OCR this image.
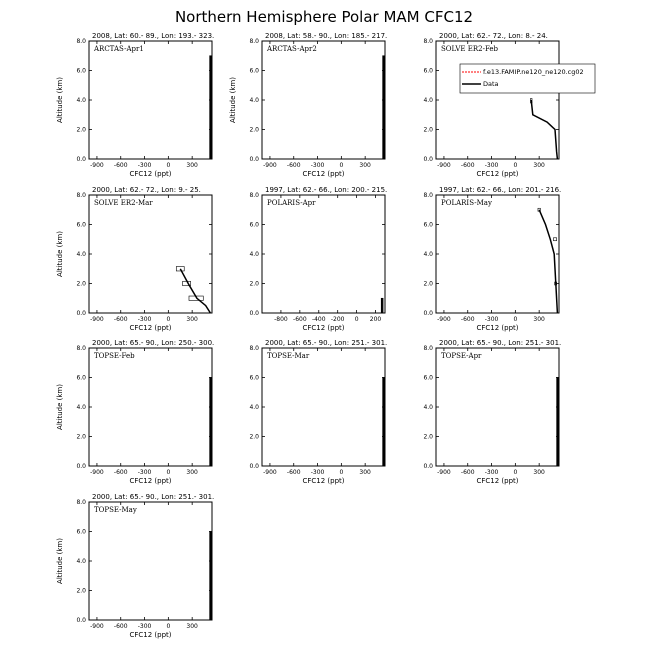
Northern Hemisphere Polar MAM CFC12
2008, Lat: 60.- 89., Lon: 193.- 323.
ARCTAS-Apr1
0.0
2.0
4.0
6.0
8.0
-900 -600 -300	0	300
CFC12 (ppt)
Altitude (km)
2008, Lat: 58.- 90., Lon: 185.- 217.
ARCTAS-Apr2
0.0
2.0
4.0
6.0
8.0
-900 -600 -300	0	300
CFC12 (ppt)
Altitude (km)
2000, Lat: 62.- 72., Lon: 8.- 24.
SOLVE ER2-Feb
0.0
2.0
4.0
6.0
8.0
-900 -600 -300	0	300
CFC12 (ppt)
f.e13.FAMIP.ne120_ne120.cg02
Data
2000, Lat: 62.- 72., Lon: 9.- 25.
SOLVE ER2-Mar
0.0
2.0
4.0
6.0
8.0
-900 -600 -300	0	300
CFC12 (ppt)
Altitude (km)
1997, Lat: 62.- 66., Lon: 200.- 215.
POLARIS-Apr
0.0
2.0
4.0
6.0
8.0
-800 -600 -400 -200 0 200
CFC12 (ppt)
1997, Lat: 62.- 66., Lon: 201.- 216.
POLARIS-May
0.0
2.0
4.0
6.0
8.0
-900 -600 -300	0	300
CFC12 (ppt)
2000, Lat: 65.- 90., Lon: 250.- 300.
TOPSE-Feb
0.0
2.0
4.0
6.0
8.0
-900 -600 -300	0	300
CFC12 (ppt)
Altitude (km)
2000, Lat: 65.- 90., Lon: 251.- 301.
TOPSE-Mar
0.0
2.0
4.0
6.0
8.0
-900 -600 -300	0	300
CFC12 (ppt)
2000, Lat: 65.- 90., Lon: 251.- 301.
TOPSE-Apr
0.0
2.0
4.0
6.0
8.0
-900 -600 -300	0	300
CFC12 (ppt)
2000, Lat: 65.- 90., Lon: 251.- 301.
TOPSE-May
0.0
2.0
4.0
6.0
8.0
-900 -600 -300	0	300
CFC12 (ppt)
Altitude (km)
